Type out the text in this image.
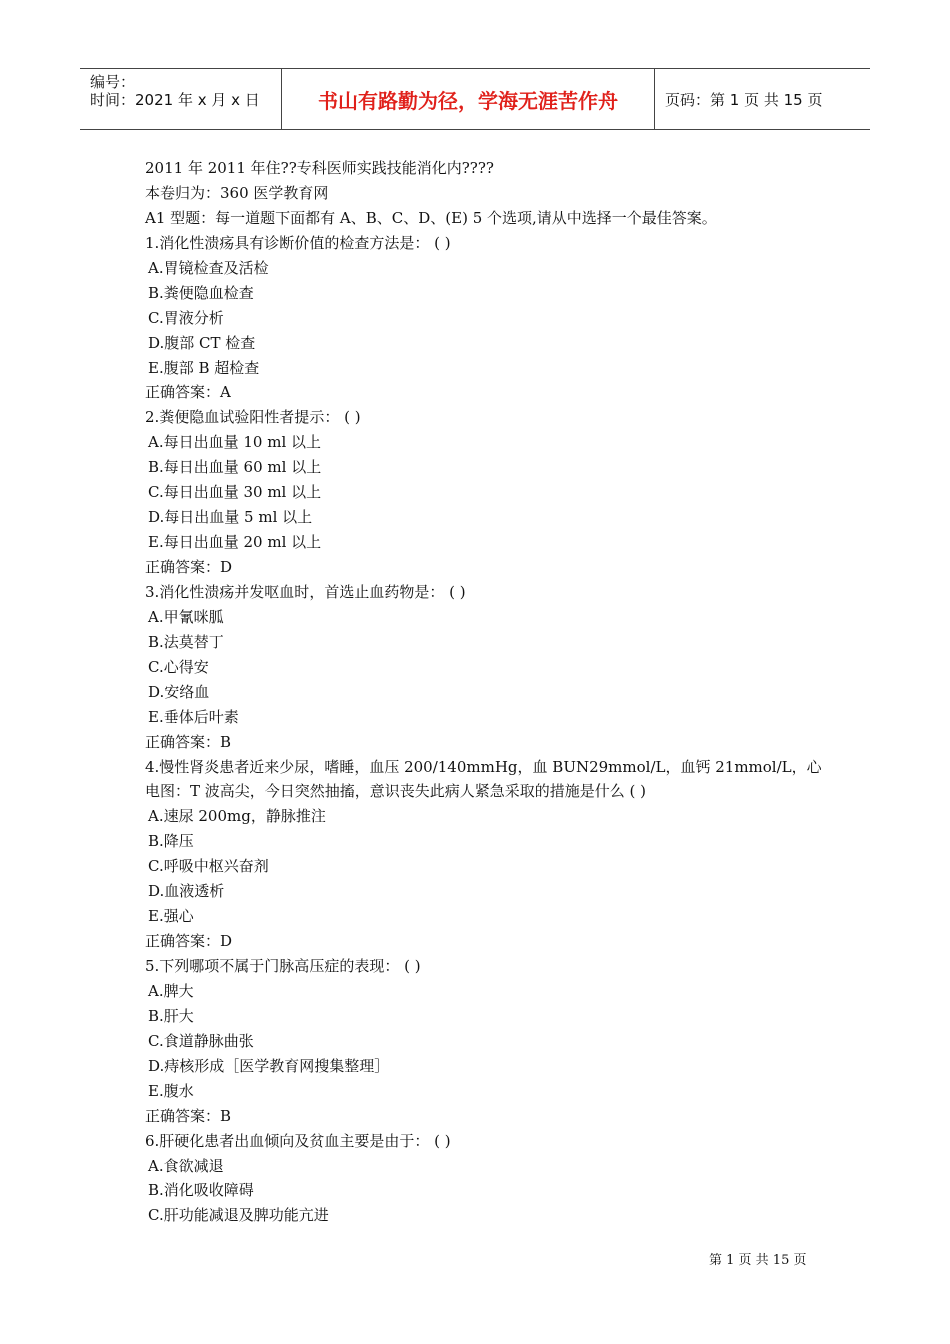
编号：
时间：2021 年 x 月 x 日	书山有路勤为径，学海无涯苦作舟	页码：第 1 页 共 15 页
2011 年 2011 年住??专科医师实践技能消化内????
本卷归为：360 医学教育网
A1 型题：每一道题下面都有 A、B、C、D、(E) 5 个选项,请从中选择一个最佳答案。
1.消化性溃疡具有诊断价值的检查方法是： ( )
A.胃镜检查及活检
B.粪便隐血检查
C.胃液分析
D.腹部 CT 检查
E.腹部 B 超检查
正确答案：A
2.粪便隐血试验阳性者提示： ( )
A.每日出血量 10 ml 以上
B.每日出血量 60 ml 以上
C.每日出血量 30 ml 以上
D.每日出血量 5 ml 以上
E.每日出血量 20 ml 以上
正确答案：D
3.消化性溃疡并发呕血时，首选止血药物是： ( )
A.甲氰咪胍
B.法莫替丁
C.心得安
D.安络血
E.垂体后叶素
正确答案：B
4.慢性肾炎患者近来少尿，嗜睡，血压 200/140mmHg，血 BUN29mmol/L，血钙 21mmol/L，心
电图：T 波高尖，今日突然抽搐，意识丧失此病人紧急采取的措施是什么 ( )
A.速尿 200mg，静脉推注
B.降压
C.呼吸中枢兴奋剂
D.血液透析
E.强心
正确答案：D
5.下列哪项不属于门脉高压症的表现： ( )
A.脾大
B.肝大
C.食道静脉曲张
D.痔核形成［医学教育网搜集整理］
E.腹水
正确答案：B
6.肝硬化患者出血倾向及贫血主要是由于： ( )
A.食欲减退
B.消化吸收障碍
C.肝功能减退及脾功能亢进
第 1 页 共 15 页
